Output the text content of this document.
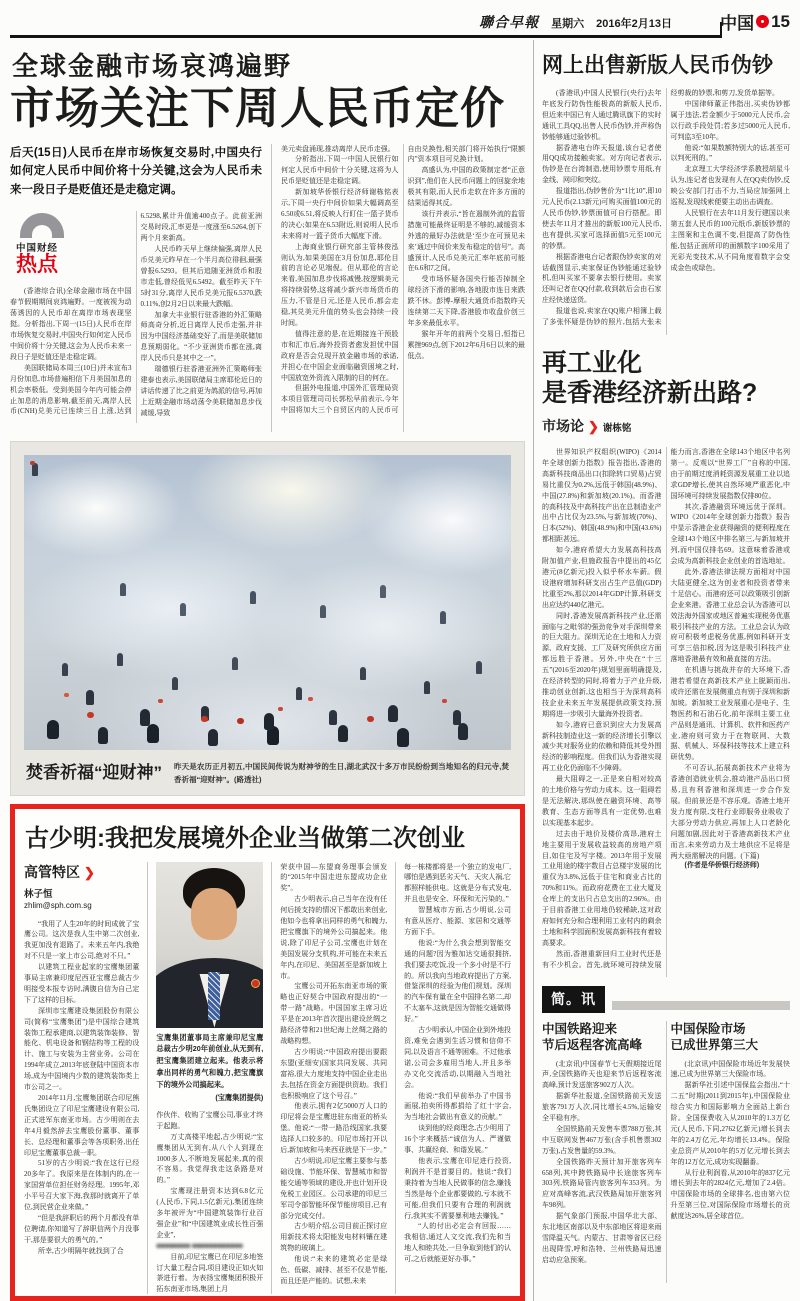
聯合早報 星期六 2016年2月13日	中国 15
全球金融市场哀鸿遍野
市场关注下周人民币定价

后天(15日)人民币在岸市场恢复交易时,中国央行如何定人民币中间价将十分关键,这会为人民币未来一段日子是贬值还是走稳定调。

中国财经
热点

(香港综合讯)全球金融市场在中国春节假期期间哀鸿遍野。一度被视为动荡诱因的人民币却在离岸市场表现坚挺。分析指出,下周一(15日)人民币在岸市场恢复交易时,中国央行如何定人民币中间价将十分关键,这会为人民币未来一段日子是贬值还是走稳定调。

美国联储局本周三(10日)并未宣布3月份加息,市场普遍相信下月美国加息的机会率极低。受到美国今年内可能会停止加息的消息影响,截至前天,离岸人民币(CNH)兑美元已连续三日上涨,达到6.5298,累计升值逾400点子。此前亚洲交易时段,汇率更是一度涨至6.5264,创下两个月来新高。

人民币昨天早上继续偏强,离岸人民币兑美元昨早在一个半月高位徘徊,最强曾报6.5293。但其后追随亚洲货币和股市走低,曾经低见6.5492。截至昨天下午5时31分,离岸人民币兑美元报6.5370,跌0.11%,创2月2日以来最大跌幅。

加拿大丰业银行驻香港的外汇策略师高奇分析,近日离岸人民币走强,并非因为中国经济基础变好了,而是美联储加息预期弱化。“不少亚洲货币都在涨,离岸人民币只是其中之一”。

瑞德银行驻香港亚洲外汇策略师张建泰也表示,美国联储局主席耶伦近日的讲话传递了比之前更为鸽派的信号,再加上近期金融市场动荡令美联储加息步伐减缓,导致

美元卖盘涌现,推动离岸人民币走强。

分析指出,下周一中国人民银行如何定人民币中间价十分关键,这将为人民币是贬值还是走稳定调。

新加坡华侨银行经济师谢栋铭表示,下周一央行中间价如果大幅调高至6.50或6.51,将反映人行盯住一篮子货币的决心;如果在6.53附近,则说明人民币未来将对一篮子货币大幅度下滑。

上海商业银行研究部主管林俊泓则认为,如果美国在3月份加息,耶伦目前的言论必见端倪。但从耶伦的言论来看,美国加息步伐将减慢,按逻辑美元将持续弱势,这将减少新兴市场货币的压力,不管是日元,还是人民币,都会走稳,其兑美元升值的势头也会持续一段时间。

值得注意的是,在近期接连干预股市和汇市后,海外投资者愈发担忧中国政府是否会兑现开放金融市场的承诺,并担心在中国企业面临融资困境之时,中国放宽外资流入限制的目的何在。

但据外电报道,中国外汇管理局资本项目管理司司长郭松早前表示,今年中国将加大三个自贸区内的人民币可自由兑换性,相关部门将开始执行“限额内”资本项目可兑换计划。

高盛认为,中国的政策制定者“正意识到”,他们在人民币问题上的回旋余地极其有限,而人民币走软在许多方面的结果适得其反。

该行并表示,“旨在遏制外流的监管措施可能最终证明是不够的,减缓资本外逃的最好办法就是‘至少在可预见未来’通过中间价来发布稳定的信号”。高盛预计,人民币兑美元汇率年底前可能在6.6和7之间。

受市场怀疑各国央行能否掉制全球经济下滑的影响,各地股市连日来跌跌不休。彭博-摩根大通货币指数昨天连续第二天下降,香港股市收盘价创三年多来最低水平。

猴年开年的前两个交易日,恒指已累挫969点,创下2012年6月6日以来的最低点。

焚香祈福“迎财神” 昨天是农历正月初五,中国民间传说为财神爷的生日,湖北武汉十多万市民纷纷到当地知名的归元寺,焚香祈福“迎财神”。(路透社)
古少明:我把发展境外企业当做第二次创业
高管特区 ❯
林子恒
zhlim@sph.com.sg

“我用了人生20年的时间成就了宝鹰公司。这次是我人生中第二次创业,我更加没有退路了。未来五年内,我绝对不只是一家上市公司,绝对不只。”

以建筑工程业起家的宝鹰集团董事局主席兼印度尼西亚宝鹰总裁古少明接受本报专访时,满腹自信为自己定下了这样的目标。

深圳市宝鹰建设集团股份有限公司(简称“宝鹰集团”)是中国综合建筑装饰工程承建商,以建筑装饰装修、智能化、机电设备和钢结构等工程的设计、施工与安装为主营业务。公司在1994年成立,2013年底登陆中国资本市场,成为中国境内少数的建筑装饰类上市公司之一。

2014年11月,宝鹰集团联合印尼熊氏集团设立了印尼宝鹰建设有限公司,正式进军东南亚市场。古少明则在去年4月毅然辞去宝鹰股份董事、董事长、总经理和董事会等各项职务,出任印尼宝鹰董事总裁一职。

51岁的古少明说:“我在这行已经20多年了。我原来是在体制内的,在一家国营单位担任财务经理。1995年,邓小平号召大家下海,我那时就离开了单位,到民营企业来做。”

“但是我辞职后的两个月都没有单位聘请,你知道写了辞职信两个月没事干,那是要很大的勇气的。”

所幸,古少明隔年就找到了合

宝鹰集团董事局主席兼印尼宝鹰总裁古少明20年前创业,从无到有,把宝鹰集团建立起来。他表示将拿出同样的勇气和魄力,把宝鹰旗下的境外公司搞起来。
(宝鹰集团提供)

作伙伴、收购了宝鹰公司,事业才终于起跑。

万丈高楼平地起,古少明说:“宝鹰集团从无到有,从八个人到现在1000多人,不断地发展起来,真的很不容易。我觉得我走这条路是对的。”

宝鹰现注册资本达到6.8亿元(人民币,下同,1.5亿新元),集团连续多年被评为“中国建筑装饰行业百强企业”和“中国建筑业成长性百强企业”,

■■■■■■■■ ■■■■■■■■■■■■

目前,印尼宝鹰已在印尼多地签订大量工程合同,项目建设正如火如荼进行着。为表扬宝鹰集团积极开拓东南亚市场,集团上月

荣获中国—东盟商务理事会颁发的“2015年中国走进东盟成功企业奖”。

古少明表示,自己当年在没有任何后援支持的情况下都敢出来创业,他如今也将拿出同样的勇气和魄力,把宝鹰旗下的境外公司搞起来。他说,除了印尼子公司,宝鹰也计划在美国发展分支机构,并可能在未来五年内,在印尼、美国甚至是新加坡上市。

宝鹰公司开拓东南亚市场的策略也正好契合中国政府提出的“一带一路”战略。中国国家主席习近平是在2013年首次提出建设丝绸之路经济带和21世纪海上丝绸之路的战略构想。

古少明说:“中国政府提出要跟东盟(亚细安)国家共同发展、共同富裕,很大力度地支持中国企业走出去,包括在资金方面提供资助。我们也积极响应了这个号召。”

他表示,拥有2亿5000万人口的印尼将会是宝鹰进驻东南亚的桥头堡。他说:“一带一路沿线国家,我要选择人口较多的。印尼市场打开以后,新加坡和马来西亚就是下一步。”

古少明说,印尼宝鹰主要参与基础设施、节能环保、智慧城市和智能交通等领域的建设,并也计划开设免税工业园区。公司承建的印尼三军司令部智能环保节能房项目,已有部分完成交付。

古少明介绍,公司目前正探讨应用新技术将太阳能发电材料镶在建筑物的玻璃上。

他说:“未来的建筑必定是绿色、低碳、减排、甚至不仅是节能,而且还是产能的。试想,未来

每一栋楼都将是一个独立的发电厂,哪怕是遇到恶劣天气、天灾人祸,它都照样能供电。这就是分布式发电,并且也是安全、环保和无污染的。”

智慧城市方面,古少明说,公司有意从医疗、能源、家居和交通等方面下手。

他说:“为什么我会想到智能交通的问题?因为雅加达交通很拥挤,我们要去吃饭,没一个多小时是不行的。所以我向当地政府提出了方案,借鉴深圳的经验为他们规划。深圳的汽车保有量在全中国排名第二,却不太塞车,这就是因为智能交通做得好。”

古少明承认,中国企业到外地投资,难免会遇到生活习惯和信仰不同,以及语言不通等困难。不过他承诺,公司会多雇用当地人,并且多举办文化交流活动,以期融入当地社会。

他说:“我们早前举办了中国书画展,拍卖所得都捐给了红十字会,为当地社会做出有意义的贡献。”

谈到他的经商理念,古少明用了16个字来概括:“诚信为人、严谨做事、共赢经商、和谐发展。”

他表示,宝鹰在印尼进行投资,利润并不是首要目的。他说:“我们秉持着为当地人民做事的信念,赚钱当然是每个企业都要做的,亏本就不可能,但我们只要有合理的利润就行,我其实不需要暴利地去赚钱。”

“人的付出必定会有回报……我相信,通过人文交流,我们先和当地人和睦共处,一旦争取到他们的认可,之后就能更好办事。”

网上出售新版人民币伪钞

(香港讯)中国人民银行(央行)去年年底发行防伪性能极高的新版人民币,但近来中国已有人通过腾讯旗下的实时通讯工具QQ,出售人民币伪钞,并声称伪钞能够通过验钞机。

据香港电台昨天报道,该台记者使用QQ成功接触卖家。对方向记者表示,伪钞是在台湾制造,使用钞票专用纸,有金线、网印和突纹。

报道指出,伪钞售价为“1比10”,即10元人民币(2.13新元)可购买面值100元的人民币伪钞,钞票面值可自行搭配。即使去年11月才推出的新版100元人民币,也有提供,买家可选择面值5元至100元的钞票。

根据香港电台记者跟伪钞卖家的对话截图显示,卖家保证伪钞能通过验钞机,但叫买家不要拿去银行使用。卖家还叫记者在QQ付款,收到款后会由石家庄经快递送货。

报道也说,卖家在QQ账户相簿上载了多张怀疑是伪钞的照片,包括大张未经剪裁的钞票,和剪刀,发货单据等。

中国律师董正伟指出,买卖伪钞都属于违法,若金额少于5000元人民币,会以行政手段处罚;若多过5000元人民币,可判监3至10年。

他说:“如果数额特别大的话,甚至可以判死刑的。”

北京理工大学经济学系教授胡星斗认为,连记者也发现有人在QQ卖伪钞,反映公安部门打击不力,当局应加强网上巡视,发现线索便要主动出击调查。

人民银行在去年11月发行建国以来第五套人民币的100元纸币,新版钞票的主图案和主色调不变,但提高了防伪性能,包括正面所印的面额数字100采用了光彩光变技术,从不同角度看数字会变成金色或绿色。

再工业化
是香港经济新出路?
市场论 ❯ 谢栋铭

世界知识产权组织(WIPO)《2014年全球创新力指数》报告指出,香港的高新科技商品出口(扣除转口贸易)占贸易比重仅为0.2%,远低于韩国(48.9%)、中国(27.8%)和新加坡(20.1%)。而香港的高科技及中高科技产出在总制造业产出中占比仅为23.5%,与新加坡(70%)、日本(52%)、韩国(48.9%)和中国(43.6%)都相距甚远。

如今,港府希望大力发展高科技高附加值产业,但施政报告中提出的45亿港元(8亿新元)投入似乎杯水车薪。假设港府增加科研支出占生产总值(GDP)比重至2%,那以2014年GDP计算,科研支出应达约440亿港元。

同时,香港发展高新科技产业,还需面临与之毗邻的强劲竞争对手深圳带来的巨大阻力。深圳无论在土地和人力资源、政府支援、工厂及研究所供应方面都远胜于香港。另外,中央在“十三五”(2016至2020年)规划里面明确提及,在经济转型的同时,将着力于产业升级,推动创业创新,这也相当于为深圳高科技企业未来五年发展提供政策支持,预期将进一步吸引大量海外投资者。

如今,港府已意识到应大力发展高新科技制造业这一新的经济增长引擎以减少其对服务业的依赖和降低其受外围经济的影响程度。但我们认为香港实现再工业化仍面临不少障碍。

最大阻碍之一,正是来自相对较高的土地价格与劳动力成本。这一阻碍若是无法解决,那纵使在融资环境、高等教育、生态方面等具有一定优势,也难以实现基本起步。

过去由于地价及楼价高昂,港府土地主要用于发展收益较高的房地产项目,如住宅及写字楼。2013年用于发展工业用途的楼宇数目占总楼宇发展的比重仅为3.8%,远低于住宅和商业占比的70%和11%。而政府花费在工业大厦及仓库上的支出只占总支出的2.96%。由于目前香港工业用地仍较稀缺,这对政府如何充分和合理利用工业村内的剩余土地和科学园面积发展高新科技有着较高要求。

然而,香港重新回归工业时代还是有不少机会。首先,就环境可持续发展能力而言,香港在全球143个地区中名列第一。反观以“世界工厂”自称的中国,由于前期过度消耗资源发展重工业以追求GDP增长,使其自然环境严重恶化,中国环境可持续发展指数仅排80位。

其次,香港融资环境远优于深圳。WIPO《2014年全球创新力指数》报告中显示香港企业获得融资的便利程度在全球143个地区中排名第三,与新加坡并列,而中国仅排名69。这意味着香港或会成为高新科技企业创业的首选地址。

此外,香港法律法规方面相对中国大陆更健全,这为创业者和投资者带来十足信心。而港府还可以政策吸引创新企业来港。香港工业总会认为香港可以效法海外国家或地区普遍实现税务优惠吸引科技产业的方法。工业总会认为政府可积极考虑税务优惠,例如科研开支可享三倍扣税,因为这是吸引科技产业落地香港最有效和最直接的方法。

在机遇与挑战并存的大环境下,香港若希望在高新技术产业上脱颖而出,或许还需在发展侧重点有别于深圳和新加坡。新加坡工业发展重心是电子、生物医药和石油石化,前年深圳主要工业产品则是通讯、计算机、软件和医药产业,港府则可致力于在物联网、大数据、机械人、环保科技等技术上建立科研优势。

不可否认,拓展高新技术产业将为香港创造就业机会,推动港产品出口贸易,且有利香港和深圳进一步合作发展。但前景还是不容乐观。香港土地开发力度有限,支柱行业即服务业吸收了大部分劳动力供应,再加上人口老龄化问题加剧,因此对于香港高新技术产业而言,未来劳动力及土地供应不足将是两大亟需解决的问题。(下篇)

(作者是华侨银行经济师)

简。讯
中国铁路迎来
节后返程客流高峰

(北京讯)中国春节七天假期接近尾声,全国铁路昨天也迎来节后返程客流高峰,预计发送旅客902万人次。

据新华社报道,全国铁路前天发送旅客791万人次,同比增长4.5%,运输安全平稳有序。

全国铁路前天发售车票788万张,其中互联网发售467万张(含手机售票302万张),占发售量的59.3%。

全国铁路昨天预计加开旅客列车658列,其中跨铁路局中长途旅客列车303列,铁路局管内旅客列车353列。为应对高峰客流,武汉铁路局加开旅客列车98列。

据气象部门预报,中国华北大部、东北地区南部以及中东部地区将迎来雨雪降温天气。内蒙古、甘肃等省区已经出现降雪,呼和浩特、兰州铁路局迅速启动应急预案。

中国保险市场
已成世界第三大

(北京讯)中国保险市场近年发展快速,已成为世界第三大保险市场。

据新华社引述中国保监会指出,“十二五”时期(2011到2015年),中国保险业综合实力和国际影响力全面站上新台阶。全国保费收入从2010年的1.3万亿元(人民币,下同,2762亿新元)增长到去年的2.4万亿元,年均增长13.4%。保险业总资产从2010年的5万亿元增长到去年的12万亿元,成功实现翻番。

从行业利润看,从2010年的837亿元增长到去年的2824亿元,增加了2.4倍。中国保险市场的全球排名,也由第六位升至第三位,对国际保险市场增长的贡献度达26%,居全球首位。
